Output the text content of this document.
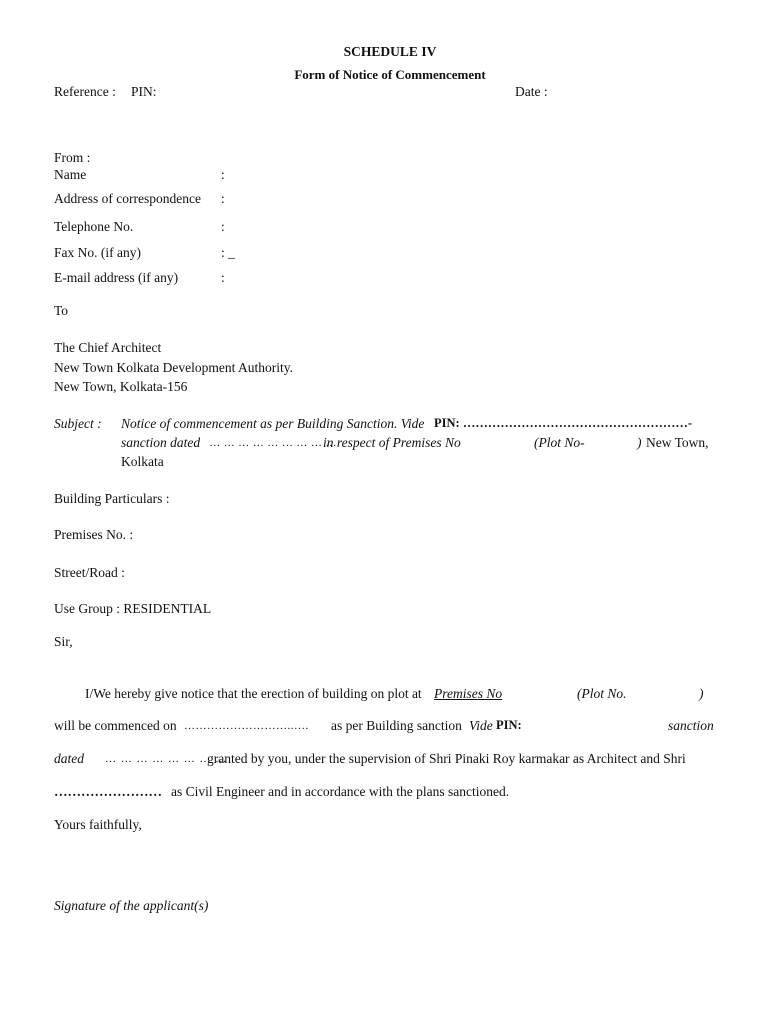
SCHEDULE IV
Form of Notice of Commencement
Reference : PIN:	Date :
From :
Name	:
Address of correspondence :
Telephone No.	:
Fax No. (if any)	: _
E-mail address (if any)	:
To
The Chief Architect
New Town Kolkata Development Authority.
New Town, Kolkata-156
Subject : Notice of commencement as per Building Sanction. Vide PIN: ………………………………………………-
sanction dated … … … … … … … … …
in respect of Premises No	(Plot No-	) New Town,
Kolkata
Building Particulars :
Premises No. :
Street/Road :
Use Group : RESIDENTIAL
Sir,
I/We hereby give notice that the erection of building on plot at Premises No	(Plot No.	)
will be commenced on ………………………..…. as per Building sanction Vide PIN:	sanction
dated … … … … … … … …
granted by you, under the supervision of Shri Pinaki Roy karmakar as Architect and Shri
…………………… as Civil Engineer and in accordance with the plans sanctioned.
Yours faithfully,
Signature of the applicant(s)
